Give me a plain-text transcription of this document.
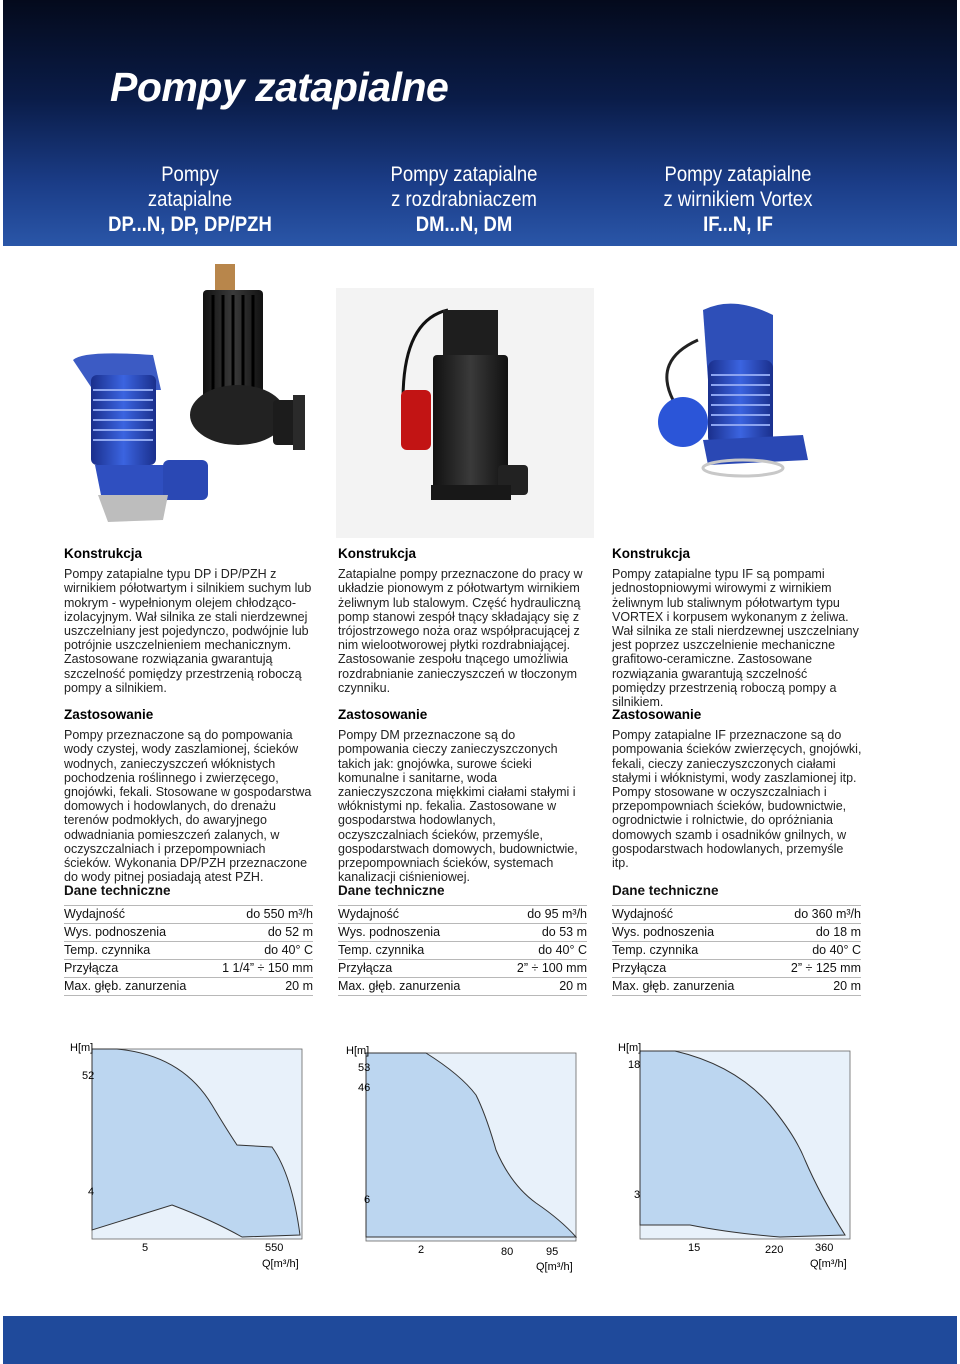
Pompy zatapialne
Pompy
zatapialne
DP...N, DP, DP/PZH
Pompy zatapialne
z rozdrabniaczem
DM...N, DM
Pompy zatapialne
z wirnikiem Vortex
IF...N, IF
Konstrukcja

Pompy zatapialne typu DP i DP/PZH z wirnikiem półotwartym i silnikiem suchym lub mokrym - wypełnionym olejem chłodząco-izolacyjnym. Wał silnika ze stali nierdzewnej uszczelniany jest pojedynczo, podwójnie lub potrójnie uszczelnieniem mechanicznym. Zastosowane rozwiązania gwarantują szczelność pomiędzy przestrzenią roboczą pompy a silnikiem.

Konstrukcja

Zatapialne pompy przeznaczone do pracy w układzie pionowym z półotwartym wirnikiem żeliwnym lub stalowym. Część hydrauliczną pomp stanowi zespół tnący składający się z trójostrzowego noża oraz współpracującej z nim wielootworowej płytki rozdrabniającej. Zastosowanie zespołu tnącego umożliwia rozdrabnianie zanieczyszczeń w tłoczonym czynniku.

Konstrukcja

Pompy zatapialne typu IF są pompami jednostopniowymi wirowymi z wirnikiem żeliwnym lub staliwnym półotwartym typu VORTEX i korpusem wykonanym z żeliwa. Wał silnika ze stali nierdzewnej uszczelniany jest poprzez uszczelnienie mechaniczne grafitowo-ceramiczne. Zastosowane rozwiązania gwarantują szczelność pomiędzy przestrzenią roboczą pompy a silnikiem.

Zastosowanie

Pompy przeznaczone są do pompowania wody czystej, wody zaszlamionej, ścieków wodnych, zanieczyszczeń włóknistych pochodzenia roślinnego i zwierzęcego, gnojówki, fekali. Stosowane w gospodarstwa domowych i hodowlanych, do drenażu terenów podmokłych, do awaryjnego odwadniania pomieszczeń zalanych, w oczyszczalniach i przepompowniach ścieków. Wykonania DP/PZH przeznaczone do wody pitnej posiadają atest PZH.

Zastosowanie

Pompy DM przeznaczone są do pompowania cieczy zanieczyszczonych takich jak: gnojówka, surowe ścieki komunalne i sanitarne, woda zanieczyszczona miękkimi ciałami stałymi i włóknistymi np. fekalia. Zastosowane w gospodarstwa hodowlanych, oczyszczalniach ścieków, przemyśle, gospodarstwach domowych, budownictwie, przepompowniach ścieków, systemach kanalizacji ciśnieniowej.

Zastosowanie

Pompy zatapialne IF przeznaczone są do pompowania ścieków zwierzęcych, gnojówki, fekali, cieczy zanieczyszczonych ciałami stałymi i włóknistymi, wody zaszlamionej itp. Pompy stosowane w oczyszczalniach i przepompowniach ścieków, budownictwie, ogrodnictwie i rolnictwie, do opróżniania domowych szamb i osadników gnilnych, w gospodarstwach hodowlanych, przemyśle itp.

Dane techniczne
Wydajność	do 550 m³/h
Wys. podnoszenia	do 52 m
Temp. czynnika	do 40° C
Przyłącza	1 1/4” ÷ 150 mm
Max. głęb. zanurzenia	20 m
Dane techniczne
Wydajność	do 95 m³/h
Wys. podnoszenia	do 53 m
Temp. czynnika	do 40° C
Przyłącza	2” ÷ 100 mm
Max. głęb. zanurzenia	20 m
Dane techniczne
Wydajność	do 360 m³/h
Wys. podnoszenia	do 18 m
Temp. czynnika	do 40° C
Przyłącza	2” ÷ 125 mm
Max. głęb. zanurzenia	20 m
H[m]
52
4
5	550
Q[m³/h]
H[m]
53
46
6
2	80	95
Q[m³/h]
H[m]
18
3
15	220	360
Q[m³/h]
